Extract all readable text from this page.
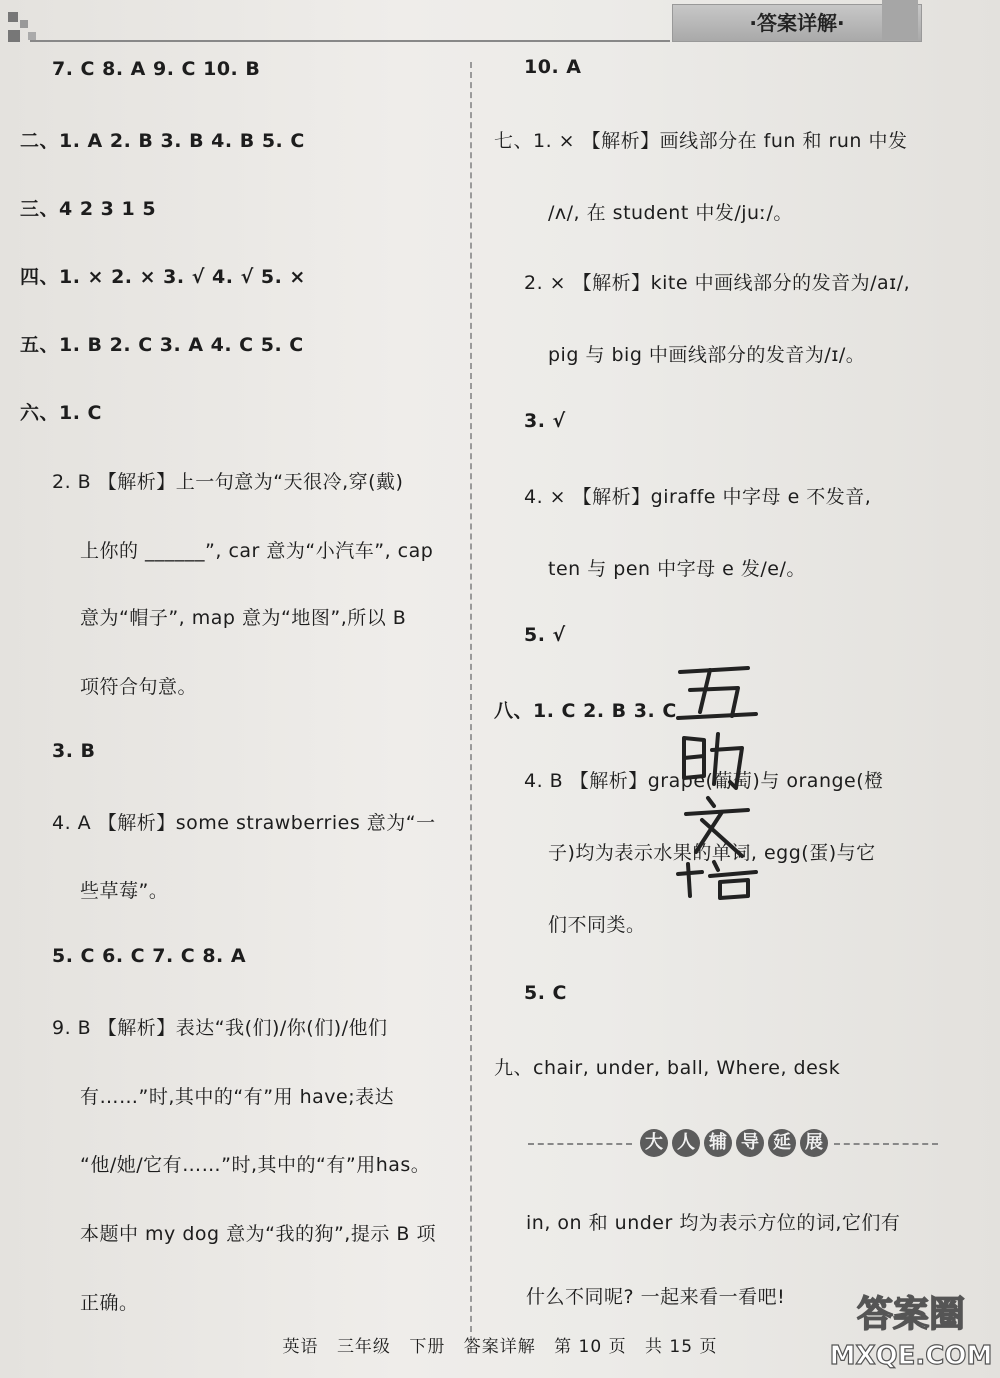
·答案详解·
7. C 8. A 9. C 10. B
二、1. A 2. B 3. B 4. B 5. C
三、4 2 3 1 5
四、1. × 2. × 3. √ 4. √ 5. ×
五、1. B 2. C 3. A 4. C 5. C
六、1. C
2. B 【解析】上一句意为“天很冷,穿(戴)
上你的 ______”, car 意为“小汽车”, cap
意为“帽子”, map 意为“地图”,所以 B
项符合句意。
3. B
4. A 【解析】some strawberries 意为“一
些草莓”。
5. C 6. C 7. C 8. A
9. B 【解析】表达“我(们)/你(们)/他们
有……”时,其中的“有”用 have;表达
“他/她/它有……”时,其中的“有”用has。
本题中 my dog 意为“我的狗”,提示 B 项
正确。
10. A
七、1. × 【解析】画线部分在 fun 和 run 中发
/ʌ/, 在 student 中发/juː/。
2. × 【解析】kite 中画线部分的发音为/aɪ/,
pig 与 big 中画线部分的发音为/ɪ/。
3. √
4. × 【解析】giraffe 中字母 e 不发音,
ten 与 pen 中字母 e 发/e/。
5. √
八、1. C 2. B 3. C
4. B 【解析】grape(葡萄)与 orange(橙
子)均为表示水果的单词, egg(蛋)与它
们不同类。
5. C
九、chair, under, ball, Where, desk
in, on 和 under 均为表示方位的词,它们有
什么不同呢? 一起来看一看吧!
大 人 辅 导 延 展
答案圈
MXQE.COM
英语 三年级 下册 答案详解 第 10 页 共 15 页
